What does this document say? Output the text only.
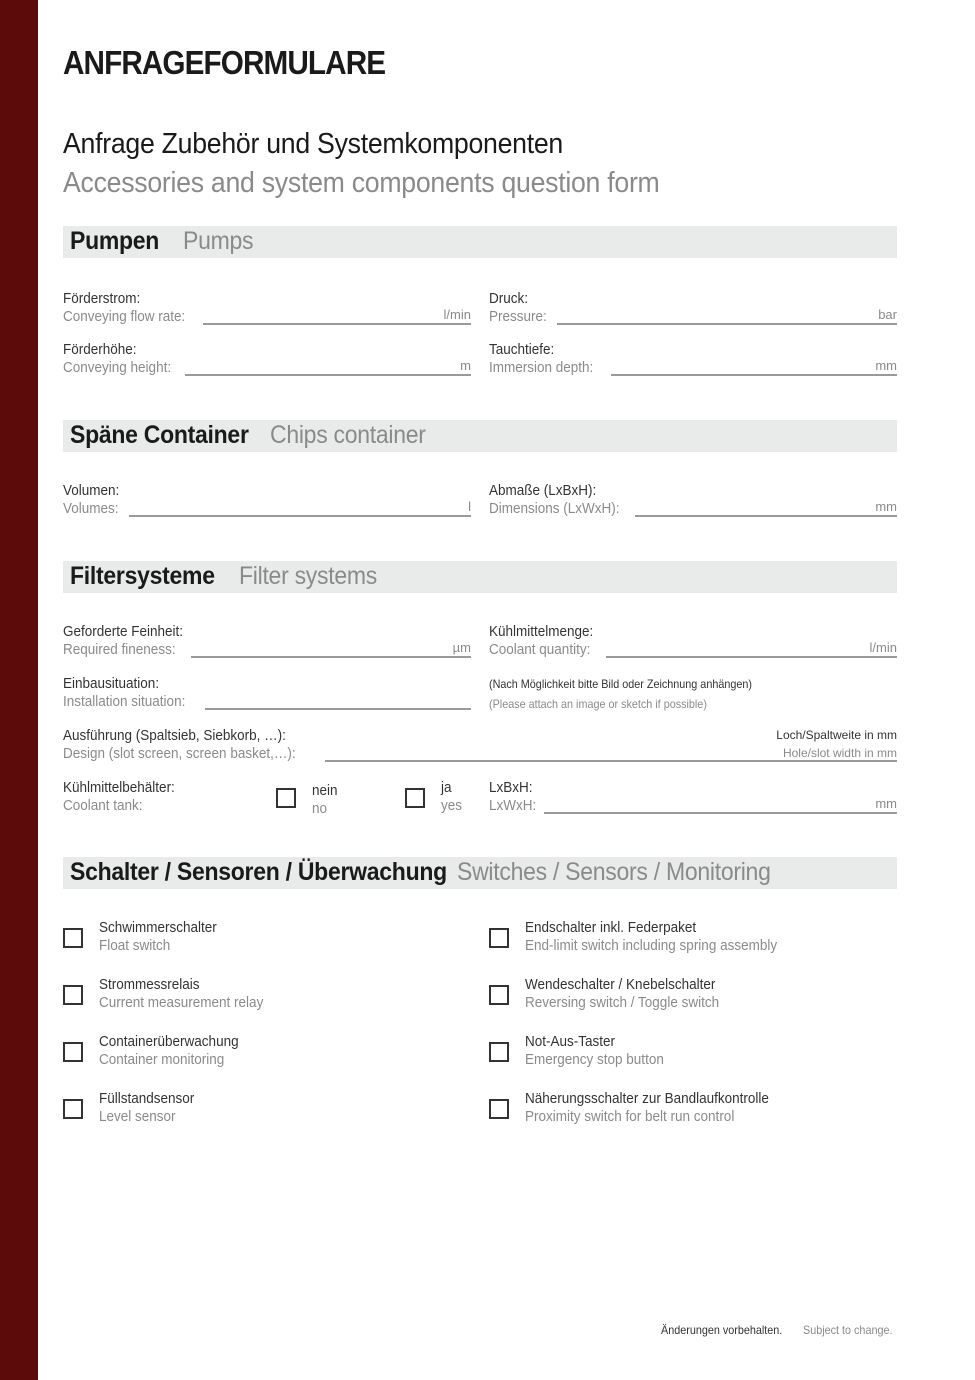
ANFRAGEFORMULARE
Anfrage Zubehör und Systemkomponenten
Accessories and system components question form
Pumpen Pumps
Förderstrom:
Conveying flow rate:	l/min
Druck:
Pressure:	bar
Förderhöhe:
Conveying height:	m
Tauchtiefe:
Immersion depth:	mm
Späne Container Chips container
Volumen:
Volumes:	l
Abmaße (LxBxH):
Dimensions (LxWxH):	mm
Filtersysteme Filter systems
Geforderte Feinheit:
Required fineness:	µm
Kühlmittelmenge:
Coolant quantity:	l/min
Einbausituation:
Installation situation:
(Nach Möglichkeit bitte Bild oder Zeichnung anhängen)
(Please attach an image or sketch if possible)
Ausführung (Spaltsieb, Siebkorb, …):
Design (slot screen, screen basket,…):
Loch/Spaltweite in mm
Hole/slot width in mm
Kühlmittelbehälter:
Coolant tank:
nein
no
ja
yes
LxBxH:
LxWxH:	mm
Schalter / Sensoren / Überwachung Switches / Sensors / Monitoring
Schwimmerschalter
Float switch
Endschalter inkl. Federpaket
End-limit switch including spring assembly
Strommessrelais
Current measurement relay
Wendeschalter / Knebelschalter
Reversing switch / Toggle switch
Containerüberwachung
Container monitoring
Not-Aus-Taster
Emergency stop button
Füllstandsensor
Level sensor
Näherungsschalter zur Bandlaufkontrolle
Proximity switch for belt run control
Änderungen vorbehalten. Subject to change.
